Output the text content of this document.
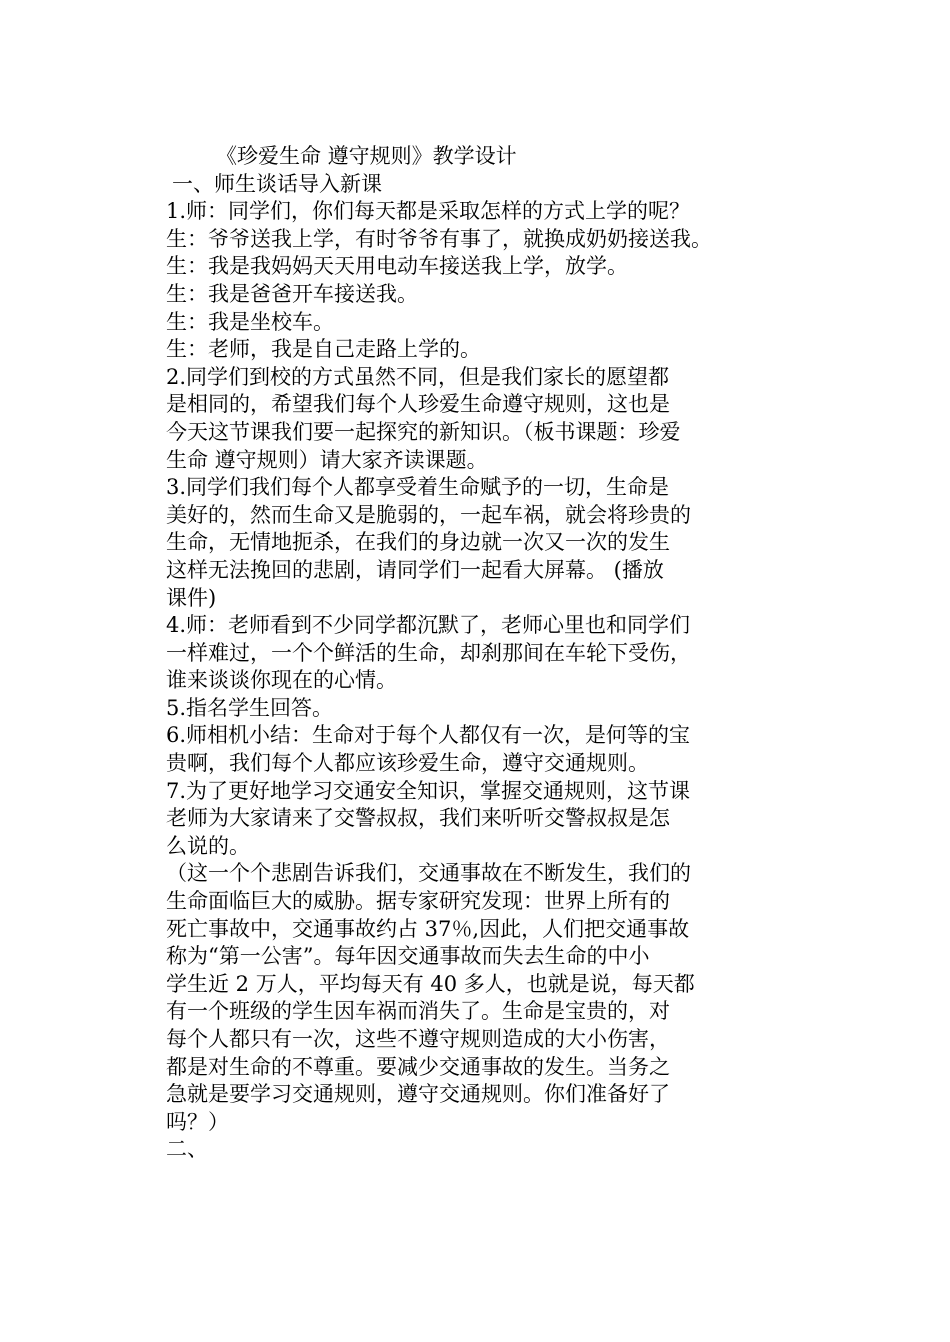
《珍爱生命 遵守规则》教学设计
一、师生谈话导入新课
1.师：同学们，你们每天都是采取怎样的方式上学的呢？
生：爷爷送我上学，有时爷爷有事了，就换成奶奶接送我。
生：我是我妈妈天天用电动车接送我上学，放学。
生：我是爸爸开车接送我。
生：我是坐校车。
生：老师，我是自己走路上学的。
2.同学们到校的方式虽然不同，但是我们家长的愿望都
是相同的，希望我们每个人珍爱生命遵守规则，这也是
今天这节课我们要一起探究的新知识。（板书课题：珍爱
生命 遵守规则）请大家齐读课题。
3.同学们我们每个人都享受着生命赋予的一切，生命是
美好的，然而生命又是脆弱的，一起车祸，就会将珍贵的
生命，无情地扼杀，在我们的身边就一次又一次的发生
这样无法挽回的悲剧，请同学们一起看大屏幕。 (播放
课件)
4.师：老师看到不少同学都沉默了，老师心里也和同学们
一样难过，一个个鲜活的生命，却刹那间在车轮下受伤，
谁来谈谈你现在的心情。
5.指名学生回答。
6.师相机小结：生命对于每个人都仅有一次，是何等的宝
贵啊，我们每个人都应该珍爱生命，遵守交通规则。
7.为了更好地学习交通安全知识，掌握交通规则，这节课
老师为大家请来了交警叔叔，我们来听听交警叔叔是怎
么说的。
（这一个个悲剧告诉我们，交通事故在不断发生，我们的
生命面临巨大的威胁。据专家研究发现：世界上所有的
死亡事故中，交通事故约占 37％,因此，人们把交通事故
称为“第一公害”。每年因交通事故而失去生命的中小
学生近 2 万人，平均每天有 40 多人，也就是说，每天都
有一个班级的学生因车祸而消失了。生命是宝贵的，对
每个人都只有一次，这些不遵守规则造成的大小伤害，
都是对生命的不尊重。要减少交通事故的发生。当务之
急就是要学习交通规则，遵守交通规则。你们准备好了
吗？）
二、
